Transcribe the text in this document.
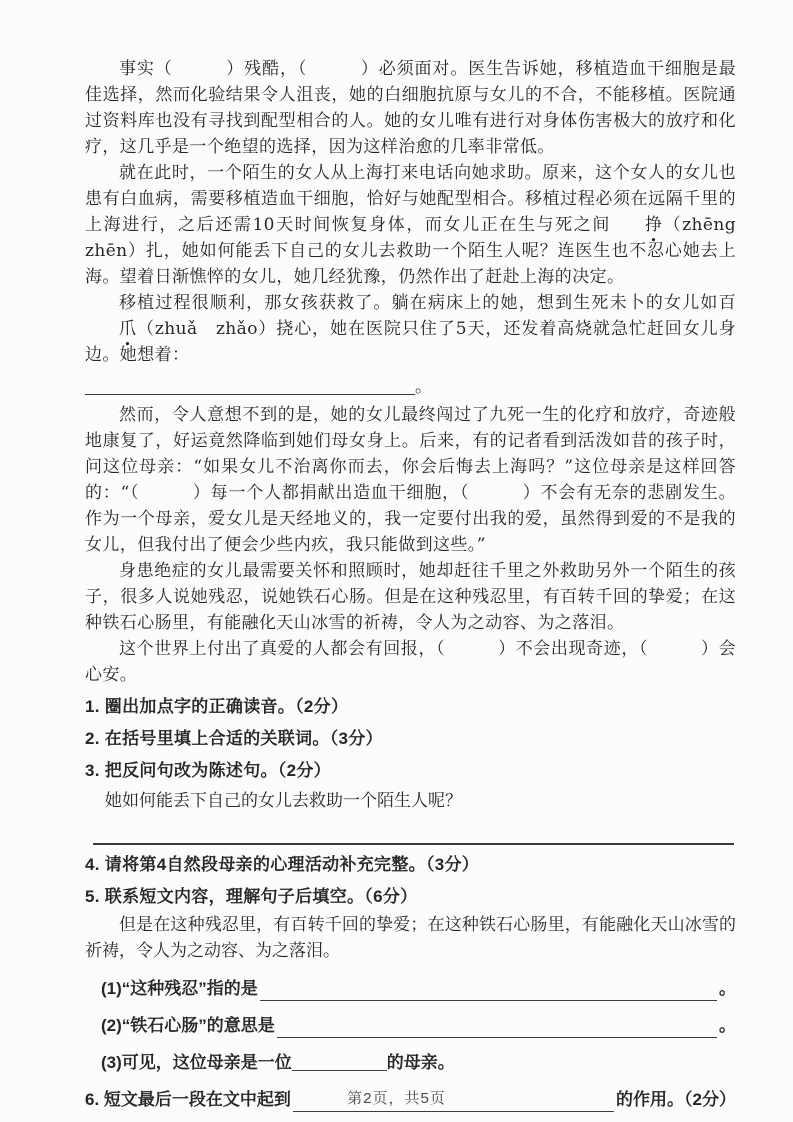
事实（　　　）残酷，（　　　）必须面对。医生告诉她，移植造血干细胞是最佳选择，然而化验结果令人沮丧，她的白细胞抗原与女儿的不合，不能移植。医院通过资料库也没有寻找到配型相合的人。她的女儿唯有进行对身体伤害极大的放疗和化疗，这几乎是一个绝望的选择，因为这样治愈的几率非常低。

就在此时，一个陌生的女人从上海打来电话向她求助。原来，这个女人的女儿也患有白血病，需要移植造血干细胞，恰好与她配型相合。移植过程必须在远隔千里的上海进行，之后还需10天时间恢复身体，而女儿正在生与死之间 挣（zhēng　zhēn）扎，她如何能丢下自己的女儿去救助一个陌生人呢？连医生也不忍心她去上海。望着日渐憔悴的女儿，她几经犹豫，仍然作出了赶赴上海的决定。

移植过程很顺利，那女孩获救了。躺在病床上的她，想到生死未卜的女儿如百爪（zhuǎ　zhǎo）挠心，她在医院只住了5天，还发着高烧就急忙赶回女儿身边。她想着：

。

然而，令人意想不到的是，她的女儿最终闯过了九死一生的化疗和放疗，奇迹般地康复了，好运竟然降临到她们母女身上。后来，有的记者看到活泼如昔的孩子时，问这位母亲：“如果女儿不治离你而去，你会后悔去上海吗？”这位母亲是这样回答的：“（　　　）每一个人都捐献出造血干细胞，（　　　）不会有无奈的悲剧发生。作为一个母亲，爱女儿是天经地义的，我一定要付出我的爱，虽然得到爱的不是我的女儿，但我付出了便会少些内疚，我只能做到这些。”

身患绝症的女儿最需要关怀和照顾时，她却赶往千里之外救助另外一个陌生的孩子，很多人说她残忍，说她铁石心肠。但是在这种残忍里，有百转千回的挚爱；在这种铁石心肠里，有能融化天山冰雪的祈祷，令人为之动容、为之落泪。

这个世界上付出了真爱的人都会有回报，（　　　）不会出现奇迹，（　　　）会心安。

1. 圈出加点字的正确读音。（2分）
2. 在括号里填上合适的关联词。（3分）
3. 把反问句改为陈述句。（2分）
她如何能丢下自己的女儿去救助一个陌生人呢？
4. 请将第4自然段母亲的心理活动补充完整。（3分）
5. 联系短文内容，理解句子后填空。（6分）

但是在这种残忍里，有百转千回的挚爱；在这种铁石心肠里，有能融化天山冰雪的祈祷，令人为之动容、为之落泪。

(1)“这种残忍”指的是	。
(2)“铁石心肠”的意思是	。
(3)可见，这位母亲是一位	的母亲。
6. 短文最后一段在文中起到	的作用。（2分）
第2页，共5页
